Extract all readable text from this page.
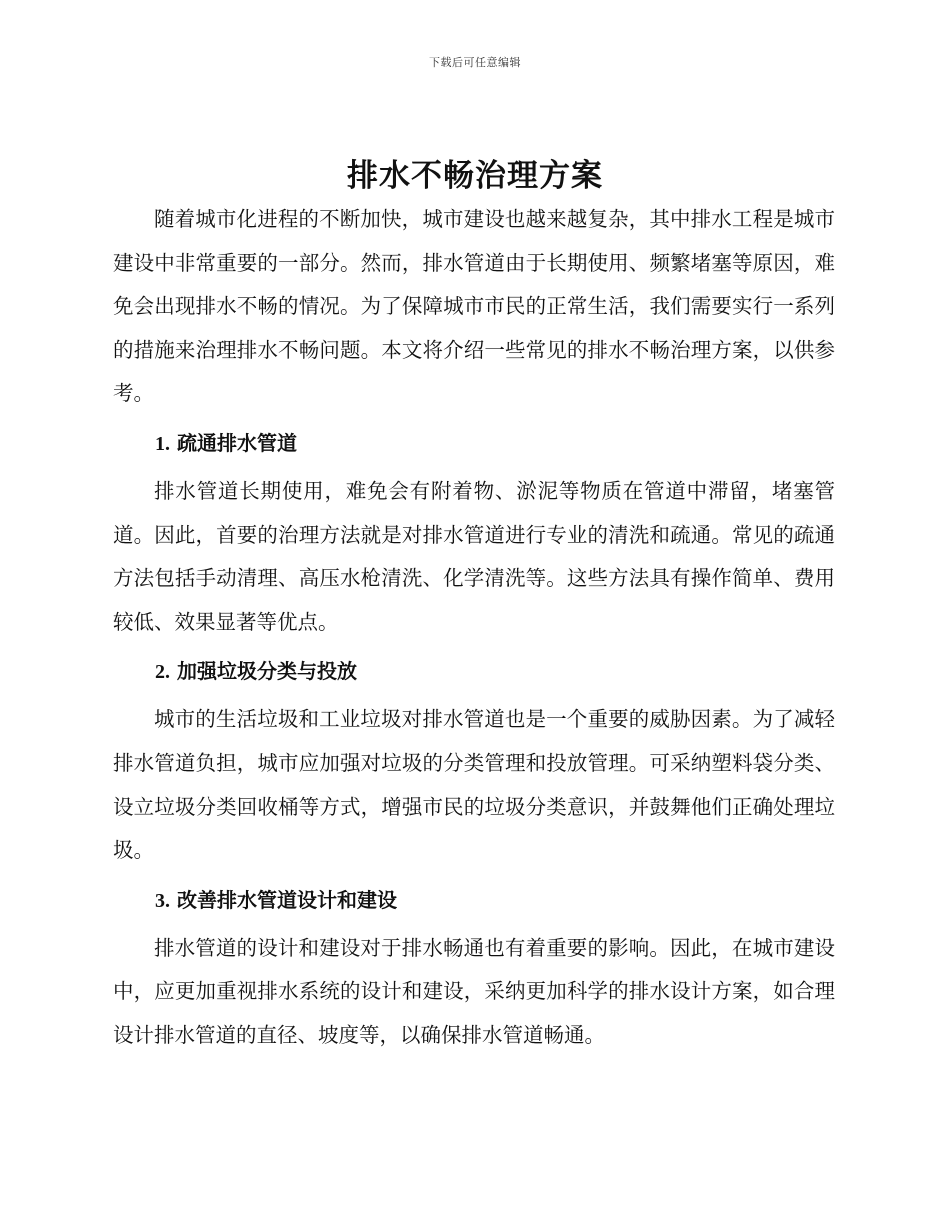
下载后可任意编辑
排水不畅治理方案

随着城市化进程的不断加快，城市建设也越来越复杂，其中排水工程是城市建设中非常重要的一部分。然而，排水管道由于长期使用、频繁堵塞等原因，难免会出现排水不畅的情况。为了保障城市市民的正常生活，我们需要实行一系列的措施来治理排水不畅问题。本文将介绍一些常见的排水不畅治理方案，以供参考。

1. 疏通排水管道

排水管道长期使用，难免会有附着物、淤泥等物质在管道中滞留，堵塞管道。因此，首要的治理方法就是对排水管道进行专业的清洗和疏通。常见的疏通方法包括手动清理、高压水枪清洗、化学清洗等。这些方法具有操作简单、费用较低、效果显著等优点。

2. 加强垃圾分类与投放

城市的生活垃圾和工业垃圾对排水管道也是一个重要的威胁因素。为了减轻排水管道负担，城市应加强对垃圾的分类管理和投放管理。可采纳塑料袋分类、设立垃圾分类回收桶等方式，增强市民的垃圾分类意识，并鼓舞他们正确处理垃圾。

3. 改善排水管道设计和建设

排水管道的设计和建设对于排水畅通也有着重要的影响。因此，在城市建设中，应更加重视排水系统的设计和建设，采纳更加科学的排水设计方案，如合理设计排水管道的直径、坡度等，以确保排水管道畅通。
